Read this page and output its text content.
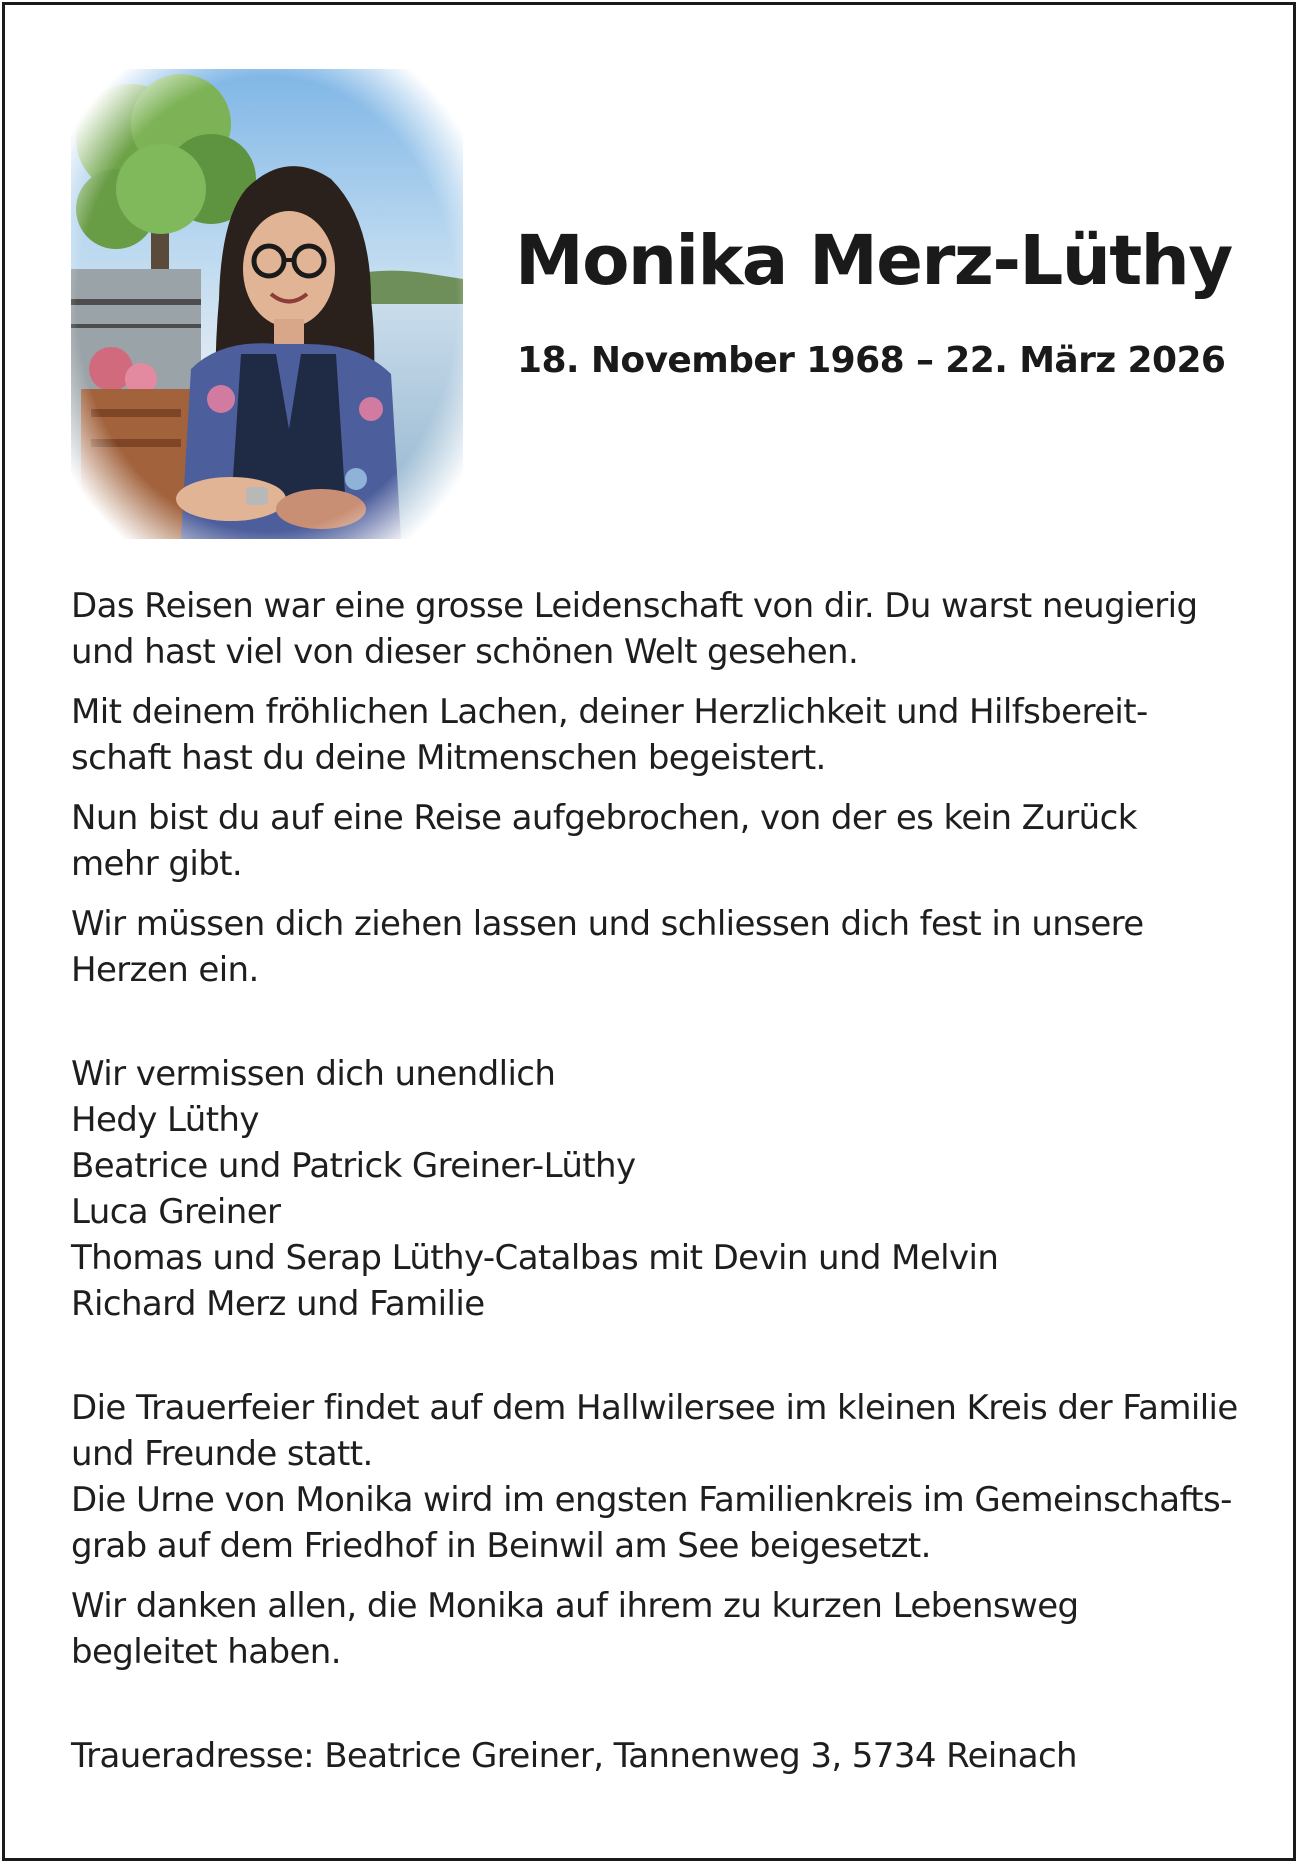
Monika Merz-Lüthy
18. November 1968 – 22. März 2026

Das Reisen war eine grosse Leidenschaft von dir. Du warst neugierig

und hast viel von dieser schönen Welt gesehen.

Mit deinem fröhlichen Lachen, deiner Herzlichkeit und Hilfsbereit-

schaft hast du deine Mitmenschen begeistert.

Nun bist du auf eine Reise aufgebrochen, von der es kein Zurück

mehr gibt.

Wir müssen dich ziehen lassen und schliessen dich fest in unsere

Herzen ein.

Wir vermissen dich unendlich

Hedy Lüthy

Beatrice und Patrick Greiner-Lüthy

Luca Greiner

Thomas und Serap Lüthy-Catalbas mit Devin und Melvin

Richard Merz und Familie

Die Trauerfeier findet auf dem Hallwilersee im kleinen Kreis der Familie

und Freunde statt.

Die Urne von Monika wird im engsten Familienkreis im Gemeinschafts-

grab auf dem Friedhof in Beinwil am See beigesetzt.

Wir danken allen, die Monika auf ihrem zu kurzen Lebensweg

begleitet haben.

Traueradresse: Beatrice Greiner, Tannenweg 3, 5734 Reinach
